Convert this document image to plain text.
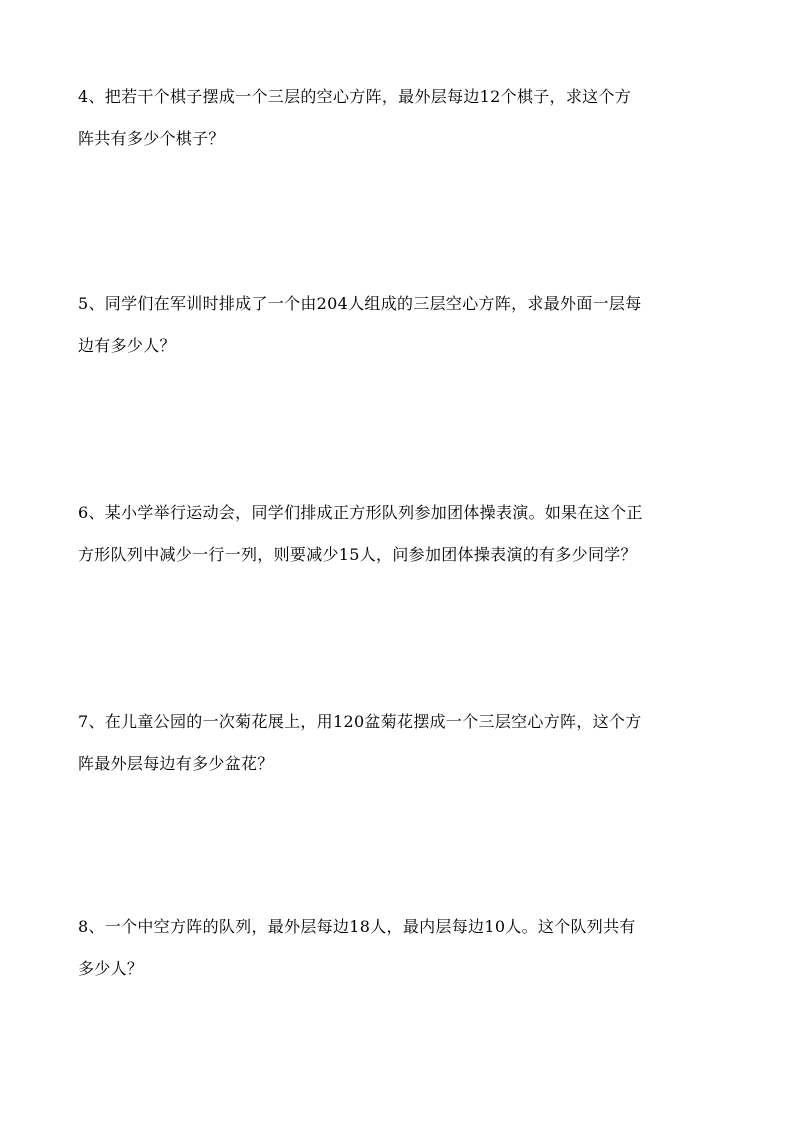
4、把若干个棋子摆成一个三层的空心方阵，最外层每边12个棋子，求这个方

阵共有多少个棋子？

5、同学们在军训时排成了一个由204人组成的三层空心方阵，求最外面一层每

边有多少人？

6、某小学举行运动会，同学们排成正方形队列参加团体操表演。如果在这个正

方形队列中减少一行一列，则要减少15人，问参加团体操表演的有多少同学？

7、在儿童公园的一次菊花展上，用120盆菊花摆成一个三层空心方阵，这个方

阵最外层每边有多少盆花？

8、一个中空方阵的队列，最外层每边18人，最内层每边10人。这个队列共有

多少人？
